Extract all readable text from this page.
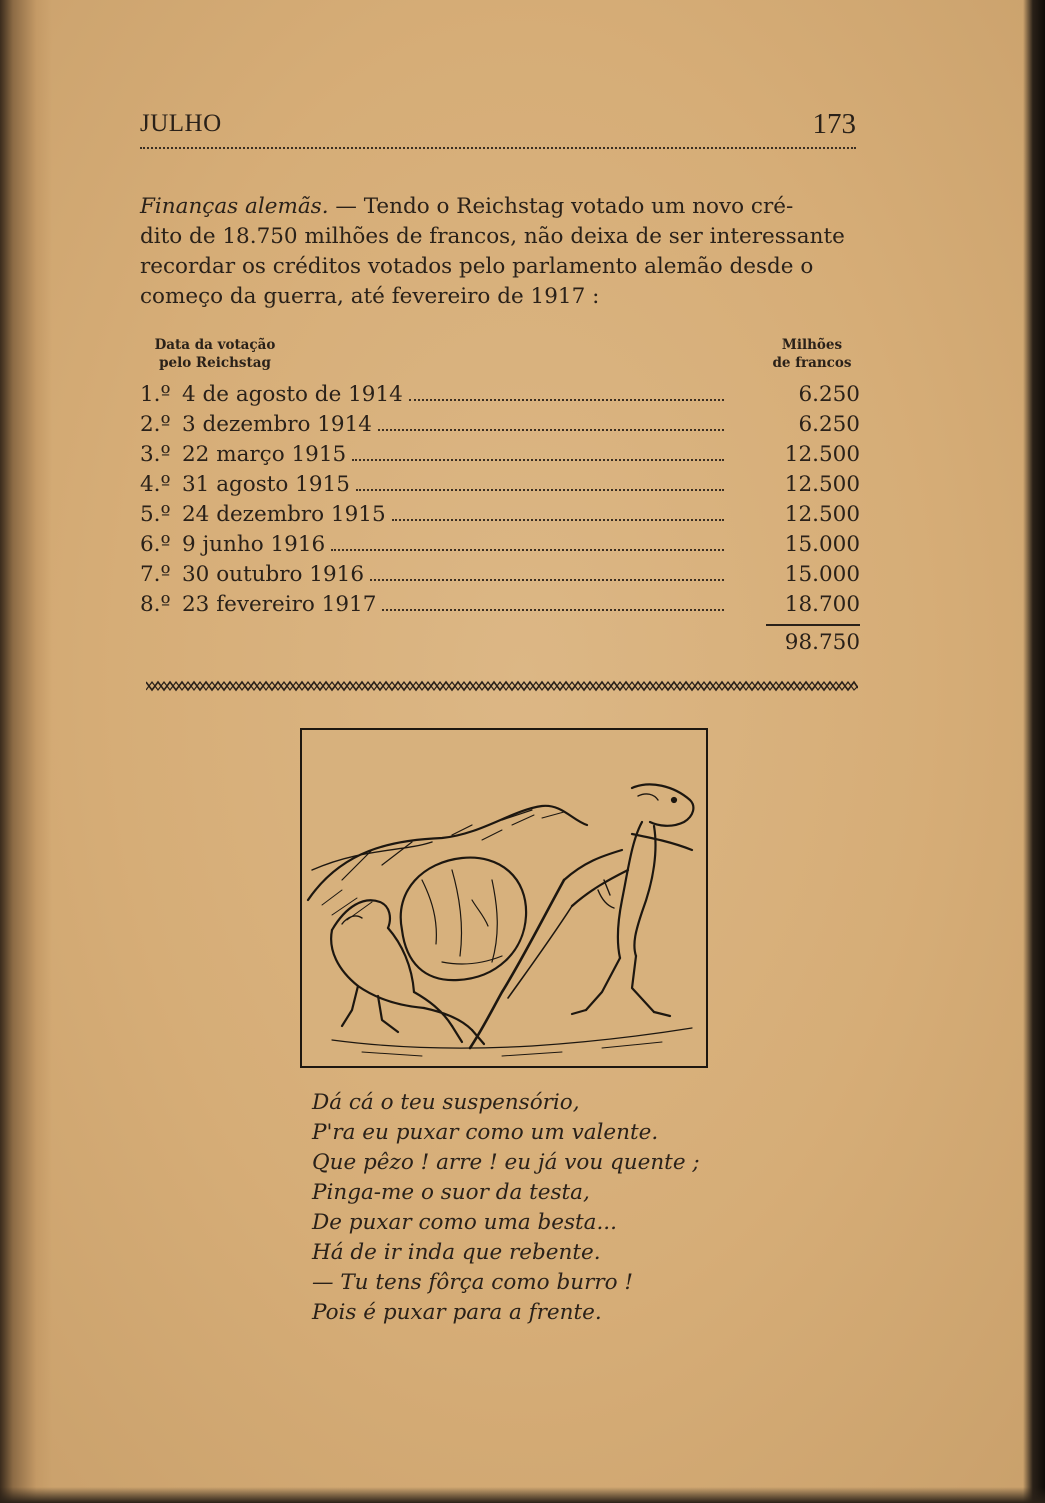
JULHO	173
Finanças alemãs. — Tendo o Reichstag votado um novo cré-
dito de 18.750 milhões de francos, não deixa de ser interessante
recordar os créditos votados pelo parlamento alemão desde o
começo da guerra, até fevereiro de 1917 :
Data da votação
pelo Reichstag
Milhões
de francos
1.º 4 de agosto de 1914	6.250
2.º 3 dezembro 1914	6.250
3.º 22 março 1915	12.500
4.º 31 agosto 1915	12.500
5.º 24 dezembro 1915	12.500
6.º 9 junho 1916	15.000
7.º 30 outubro 1916	15.000
8.º 23 fevereiro 1917	18.700
98.750
Dá cá o teu suspensório,
P'ra eu puxar como um valente.
Que pêzo ! arre ! eu já vou quente ;
Pinga-me o suor da testa,
De puxar como uma besta...
Há de ir inda que rebente.
— Tu tens fôrça como burro !
Pois é puxar para a frente.
